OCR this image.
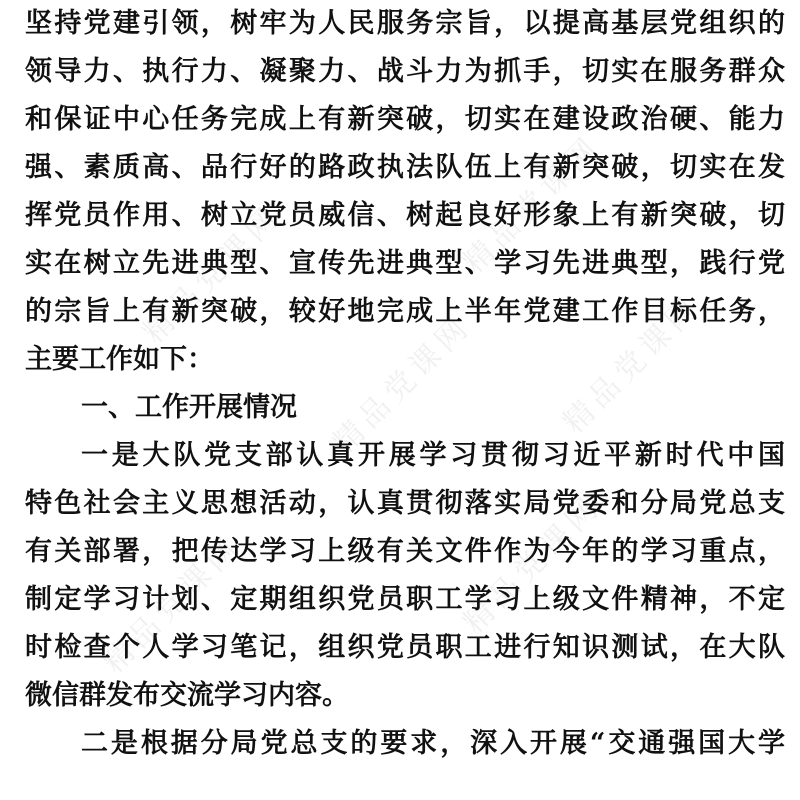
精品党课网	精品党课网
精品党课网	精品党课网
精品党课网	精品党课网
坚持党建引领，树牢为人民服务宗旨，以提高基层党组织的
领导力、执行力、凝聚力、战斗力为抓手，切实在服务群众
和保证中心任务完成上有新突破，切实在建设政治硬、能力
强、素质高、品行好的路政执法队伍上有新突破，切实在发
挥党员作用、树立党员威信、树起良好形象上有新突破，切
实在树立先进典型、宣传先进典型、学习先进典型，践行党
的宗旨上有新突破，较好地完成上半年党建工作目标任务，
主要工作如下：
一、工作开展情况
一是大队党支部认真开展学习贯彻习近平新时代中国
特色社会主义思想活动，认真贯彻落实局党委和分局党总支
有关部署，把传达学习上级有关文件作为今年的学习重点，
制定学习计划、定期组织党员职工学习上级文件精神，不定
时检查个人学习笔记，组织党员职工进行知识测试，在大队
微信群发布交流学习内容。
二是根据分局党总支的要求，深入开展“交通强国大学
